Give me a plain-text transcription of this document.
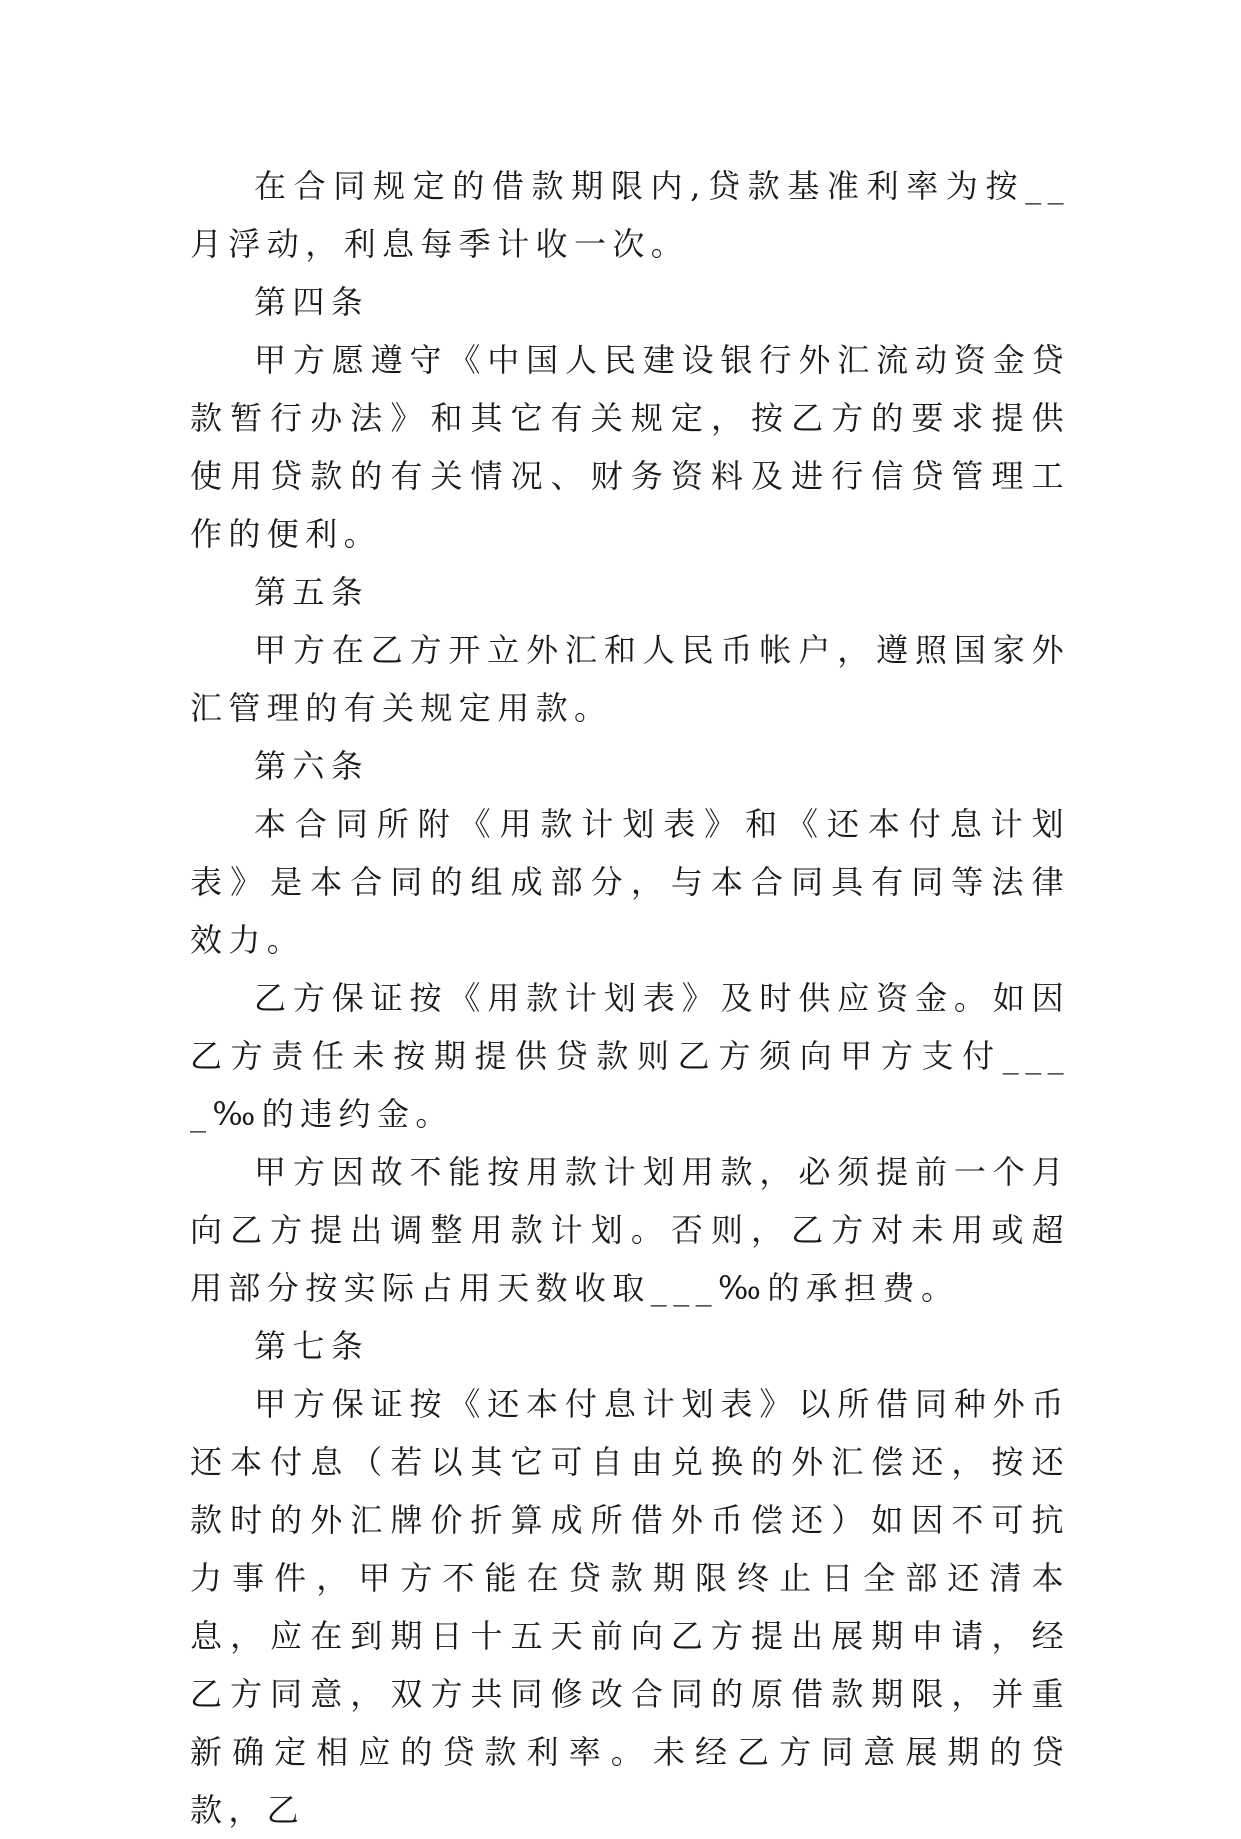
在合同规定的借款期限内,贷款基准利率为按__月浮动，利息每季计收一次。

第四条

甲方愿遵守《中国人民建设银行外汇流动资金贷款暂行办法》和其它有关规定，按乙方的要求提供使用贷款的有关情况、财务资料及进行信贷管理工作的便利。

第五条

甲方在乙方开立外汇和人民币帐户，遵照国家外汇管理的有关规定用款。

第六条

本合同所附《用款计划表》和《还本付息计划表》是本合同的组成部分，与本合同具有同等法律效力。

乙方保证按《用款计划表》及时供应资金。如因乙方责任未按期提供贷款则乙方须向甲方支付____‰的违约金。

甲方因故不能按用款计划用款，必须提前一个月向乙方提出调整用款计划。否则，乙方对未用或超用部分按实际占用天数收取___‰的承担费。

第七条

甲方保证按《还本付息计划表》以所借同种外币还本付息（若以其它可自由兑换的外汇偿还，按还款时的外汇牌价折算成所借外币偿还）如因不可抗力事件，甲方不能在贷款期限终止日全部还清本息，应在到期日十五天前向乙方提出展期申请，经乙方同意，双方共同修改合同的原借款期限，并重新确定相应的贷款利率。未经乙方同意展期的贷款，乙
